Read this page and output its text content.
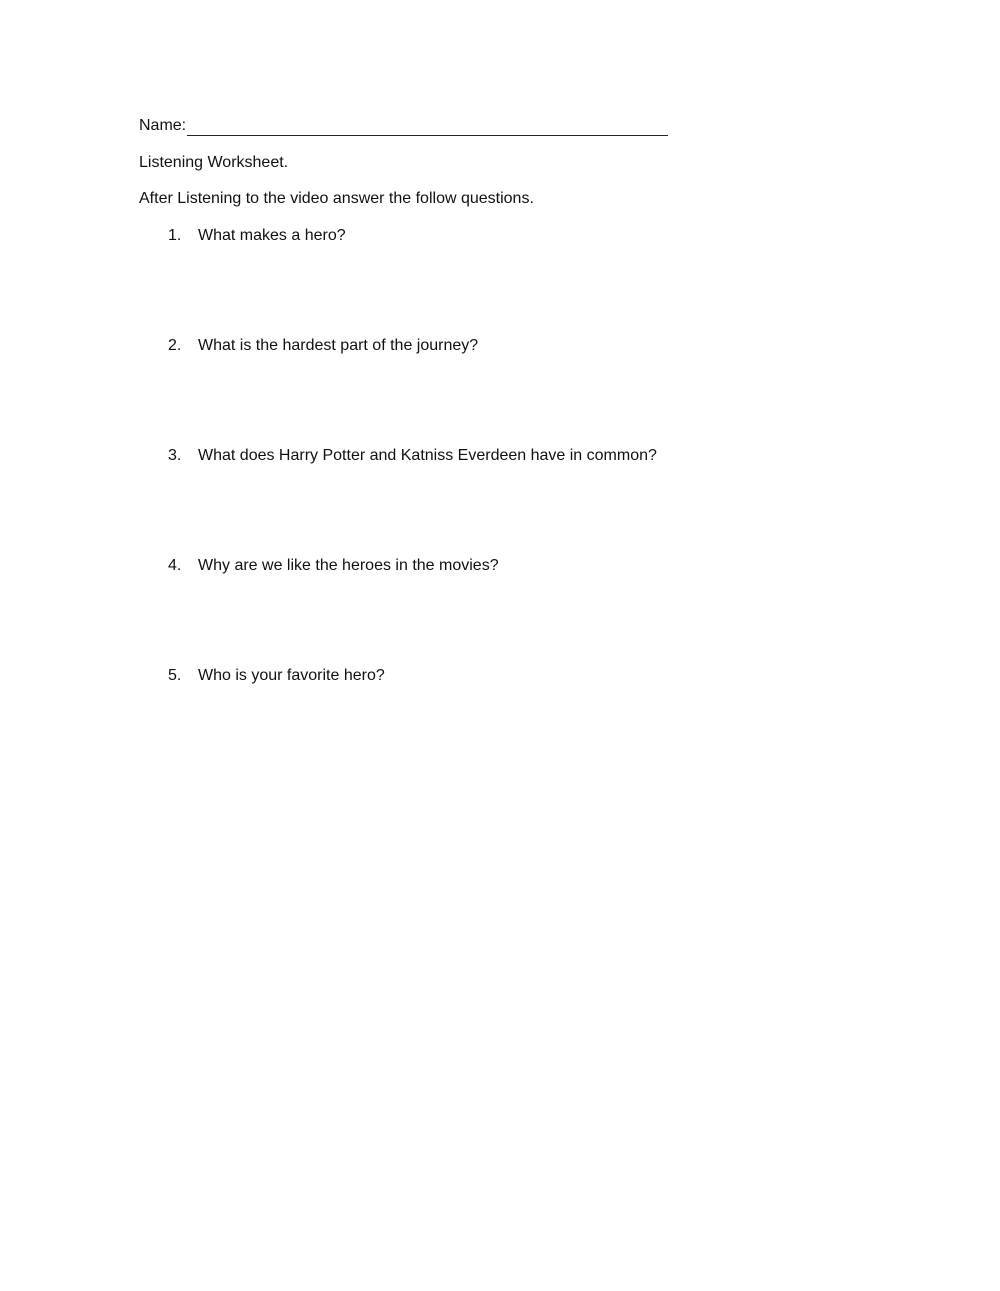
Name:
Listening Worksheet.
After Listening to the video answer the follow questions.
1.	What makes a hero?
2.	What is the hardest part of the journey?
3.	What does Harry Potter and Katniss Everdeen have in common?
4.	Why are we like the heroes in the movies?
5.	Who is your favorite hero?
